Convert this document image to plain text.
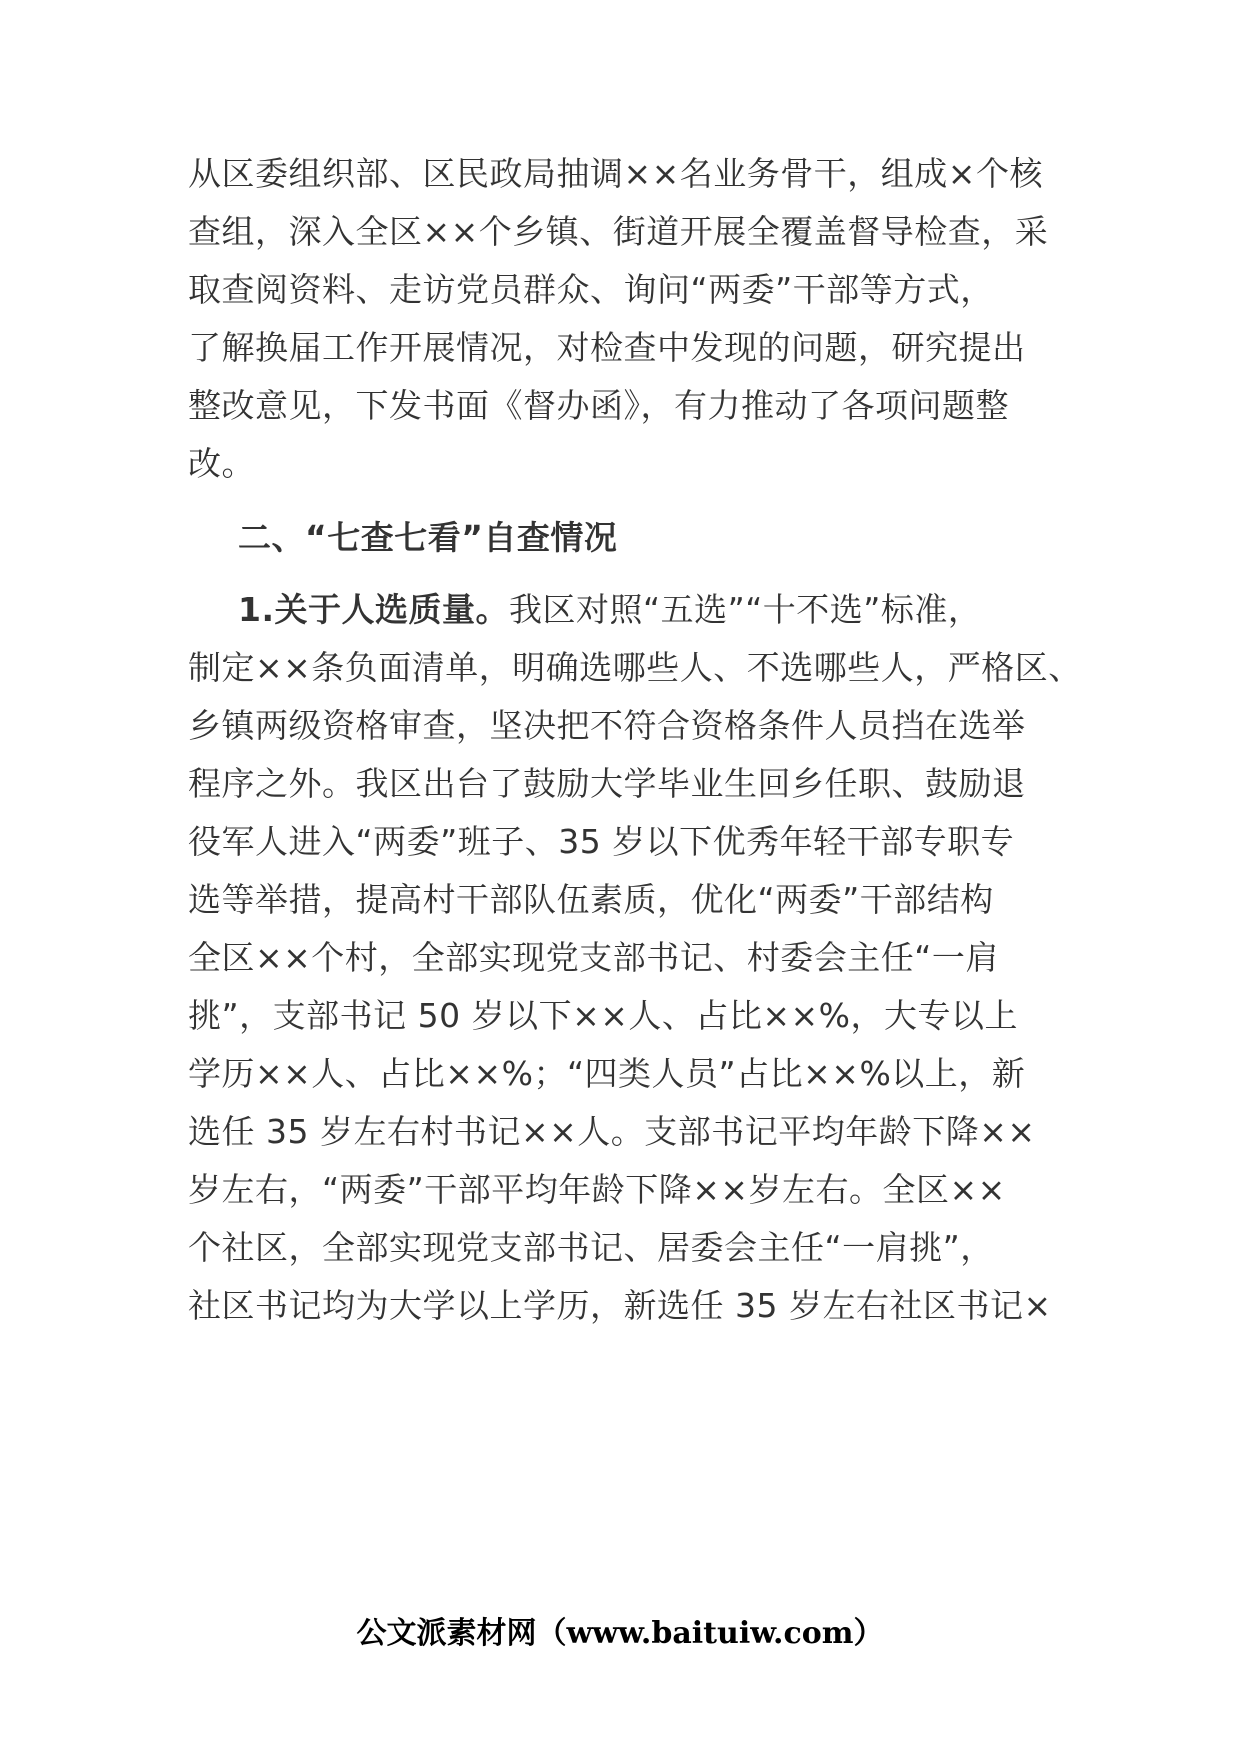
从区委组织部、区民政局抽调××名业务骨干，组成×个核
查组，深入全区××个乡镇、街道开展全覆盖督导检查，采
取查阅资料、走访党员群众、询问“两委”干部等方式，
了解换届工作开展情况，对检查中发现的问题，研究提出
整改意见，下发书面《督办函》，有力推动了各项问题整
改。
二、“七查七看”自查情况
1.关于人选质量。我区对照“五选”“十不选”标准，
制定××条负面清单，明确选哪些人、不选哪些人，严格区、
乡镇两级资格审查，坚决把不符合资格条件人员挡在选举
程序之外。我区出台了鼓励大学毕业生回乡任职、鼓励退
役军人进入“两委”班子、35 岁以下优秀年轻干部专职专
选等举措，提高村干部队伍素质，优化“两委”干部结构
全区××个村，全部实现党支部书记、村委会主任“一肩
挑”，支部书记 50 岁以下××人、占比××%，大专以上
学历××人、占比××%；“四类人员”占比××%以上，新
选任 35 岁左右村书记××人。支部书记平均年龄下降××
岁左右，“两委”干部平均年龄下降××岁左右。全区××
个社区，全部实现党支部书记、居委会主任“一肩挑”，
社区书记均为大学以上学历，新选任 35 岁左右社区书记×
公文派素材网（www.baituiw.com）
